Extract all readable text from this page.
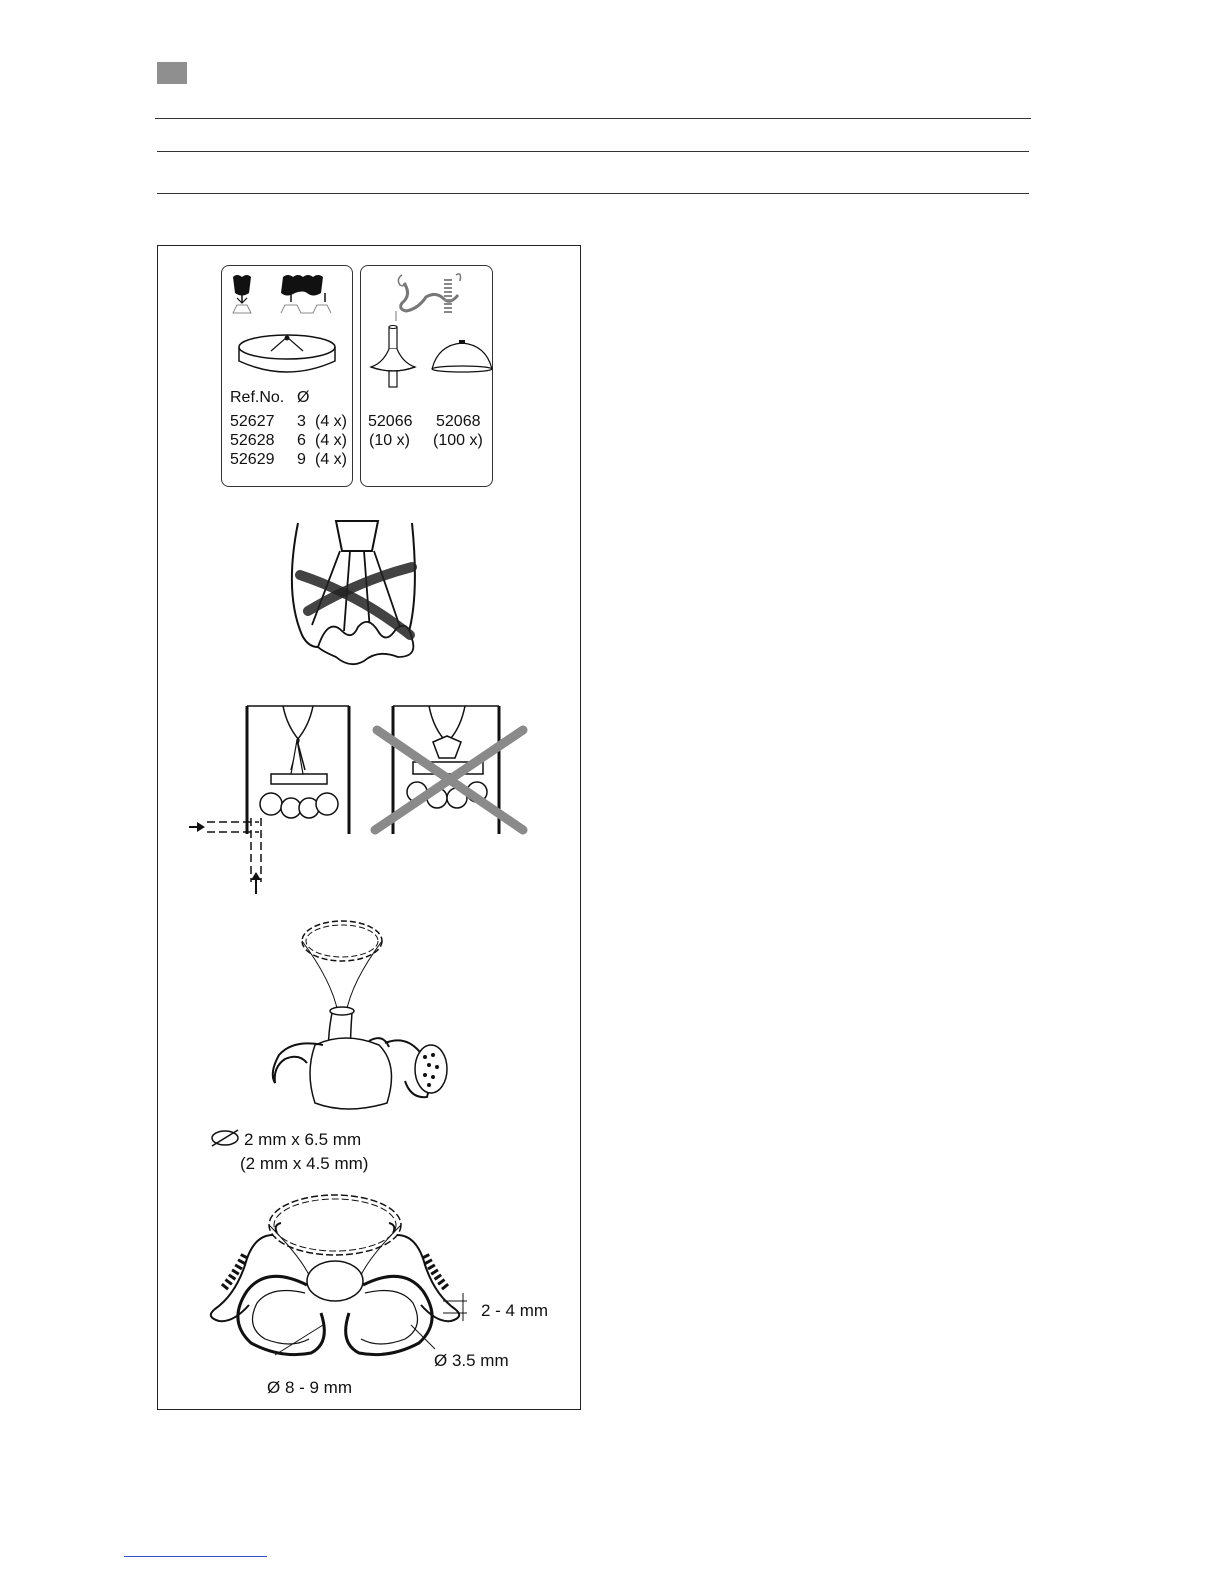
Ref.No. Ø
52627 3 (4 x)
52628 6 (4 x)
52629 9 (4 x)
52066
(10 x)
52068
(100 x)
2 mm x 6.5 mm
(2 mm x 4.5 mm)
2 - 4 mm
Ø 3.5 mm
Ø 8 - 9 mm
